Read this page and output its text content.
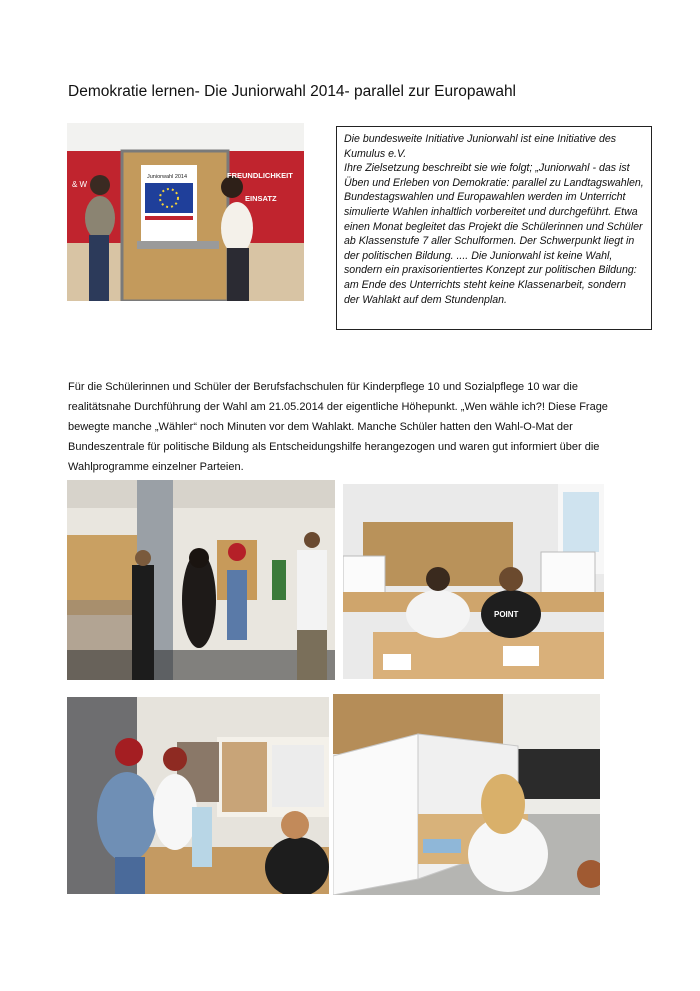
Demokratie lernen- Die Juniorwahl 2014- parallel zur Europawahl
& W
FREUNDLICHKEIT
EINSATZ
Juniorwahl 2014

Die bundesweite Initiative Juniorwahl ist eine Initiative des Kumulus e.V.

Ihre Zielsetzung beschreibt sie wie folgt; „Juniorwahl - das ist Üben und Erleben von Demokratie: parallel zu Landtagswahlen, Bundestagswahlen und Europawahlen werden im Unterricht simulierte Wahlen inhaltlich vorbereitet und durchgeführt. Etwa einen Monat begleitet das Projekt die Schülerinnen und Schüler ab Klassenstufe 7 aller Schulformen. Der Schwerpunkt liegt in der politischen Bildung. .... Die Juniorwahl ist keine Wahl, sondern ein praxisorientiertes Konzept zur politischen Bildung: am Ende des Unterrichts steht keine Klassenarbeit, sondern der Wahlakt auf dem Stundenplan.

Für die Schülerinnen und Schüler der Berufsfachschulen für Kinderpflege 10 und Sozialpflege 10 war die realitätsnahe Durchführung der Wahl am 21.05.2014 der eigentliche Höhepunkt. „Wen wähle ich?! Diese Frage bewegte manche „Wähler“ noch Minuten vor dem Wahlakt. Manche Schüler hatten den Wahl-O-Mat der Bundeszentrale für politische Bildung als Entscheidungshilfe herangezogen und waren gut informiert über die Wahlprogramme einzelner Parteien.

POINT
